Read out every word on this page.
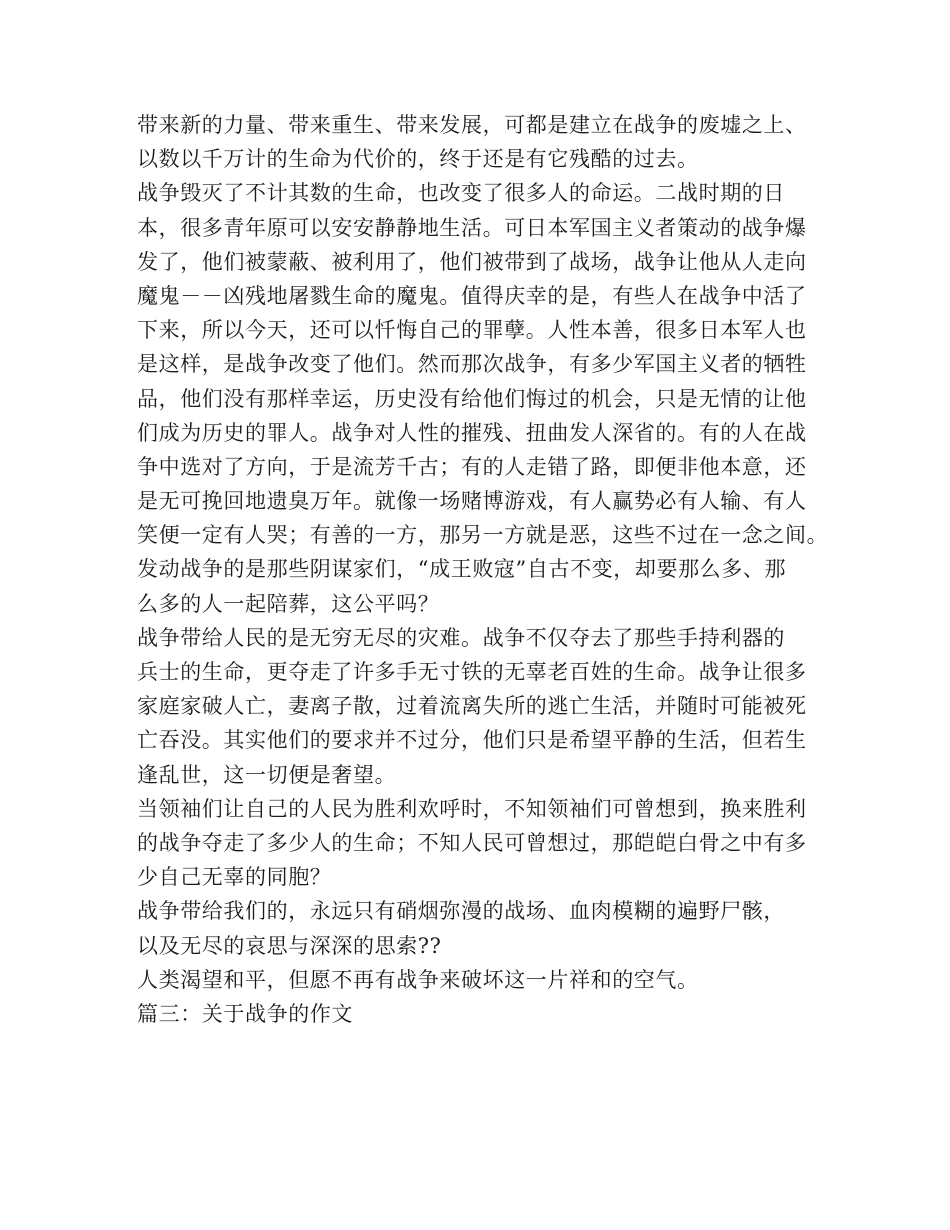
带来新的力量、带来重生、带来发展，可都是建立在战争的废墟之上、
以数以千万计的生命为代价的，终于还是有它残酷的过去。
战争毁灭了不计其数的生命，也改变了很多人的命运。二战时期的日
本，很多青年原可以安安静静地生活。可日本军国主义者策动的战争爆
发了，他们被蒙蔽、被利用了，他们被带到了战场，战争让他从人走向
魔鬼－－凶残地屠戮生命的魔鬼。值得庆幸的是，有些人在战争中活了
下来，所以今天，还可以忏悔自己的罪孽。人性本善，很多日本军人也
是这样，是战争改变了他们。然而那次战争，有多少军国主义者的牺牲
品，他们没有那样幸运，历史没有给他们悔过的机会，只是无情的让他
们成为历史的罪人。战争对人性的摧残、扭曲发人深省的。有的人在战
争中选对了方向，于是流芳千古；有的人走错了路，即便非他本意，还
是无可挽回地遗臭万年。就像一场赌博游戏，有人赢势必有人输、有人
笑便一定有人哭；有善的一方，那另一方就是恶，这些不过在一念之间。
发动战争的是那些阴谋家们，“成王败寇”自古不变，却要那么多、那
么多的人一起陪葬，这公平吗？
战争带给人民的是无穷无尽的灾难。战争不仅夺去了那些手持利器的
兵士的生命，更夺走了许多手无寸铁的无辜老百姓的生命。战争让很多
家庭家破人亡，妻离子散，过着流离失所的逃亡生活，并随时可能被死
亡吞没。其实他们的要求并不过分，他们只是希望平静的生活，但若生
逢乱世，这一切便是奢望。
当领袖们让自己的人民为胜利欢呼时，不知领袖们可曾想到，换来胜利
的战争夺走了多少人的生命；不知人民可曾想过，那皑皑白骨之中有多
少自己无辜的同胞？
战争带给我们的，永远只有硝烟弥漫的战场、血肉模糊的遍野尸骸，
以及无尽的哀思与深深的思索??
人类渴望和平，但愿不再有战争来破坏这一片祥和的空气。
篇三：关于战争的作文
